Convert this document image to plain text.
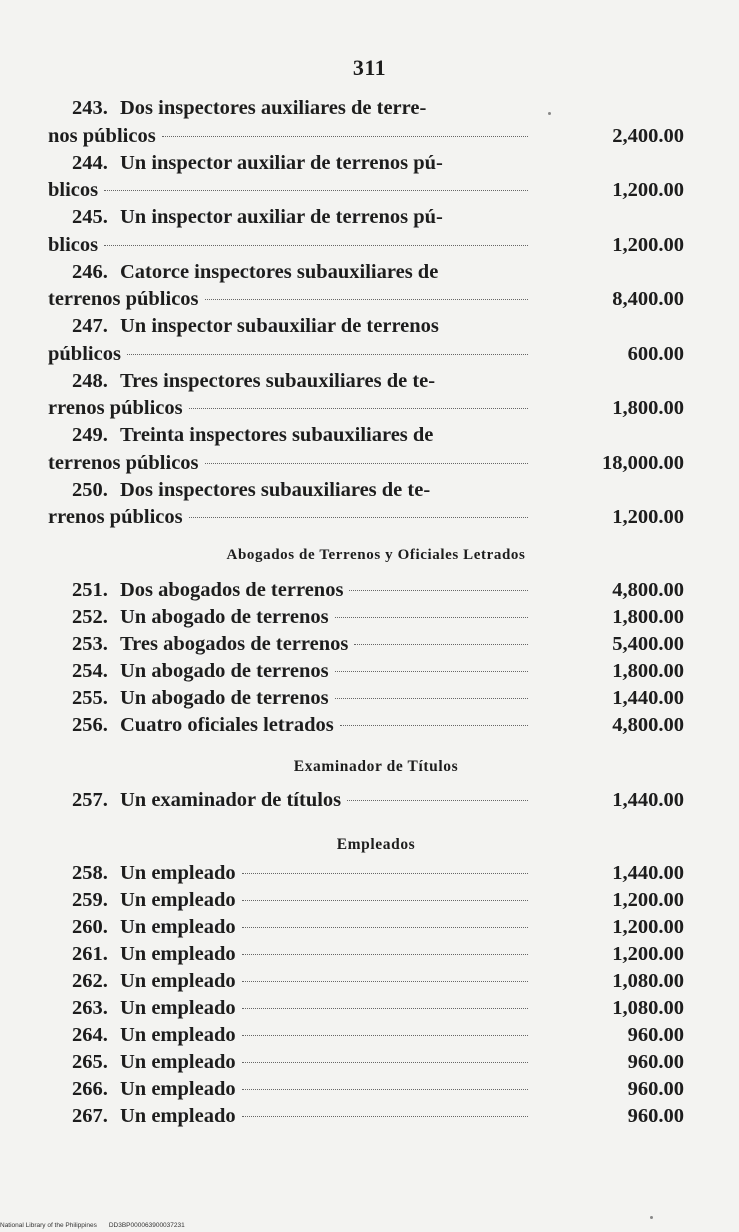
311
243. Dos inspectores auxiliares de terre-
nos públicos	2,400.00
244. Un inspector auxiliar de terrenos pú-
blicos	1,200.00
245. Un inspector auxiliar de terrenos pú-
blicos	1,200.00
246. Catorce inspectores subauxiliares de
terrenos públicos	8,400.00
247. Un inspector subauxiliar de terrenos
públicos	600.00
248. Tres inspectores subauxiliares de te-
rrenos públicos	1,800.00
249. Treinta inspectores subauxiliares de
terrenos públicos	18,000.00
250. Dos inspectores subauxiliares de te-
rrenos públicos	1,200.00
Abogados de Terrenos y Oficiales Letrados
251. Dos abogados de terrenos	4,800.00
252. Un abogado de terrenos	1,800.00
253. Tres abogados de terrenos	5,400.00
254. Un abogado de terrenos	1,800.00
255. Un abogado de terrenos	1,440.00
256. Cuatro oficiales letrados	4,800.00
Examinador de Títulos
257. Un examinador de títulos	1,440.00
Empleados
258. Un empleado	1,440.00
259. Un empleado	1,200.00
260. Un empleado	1,200.00
261. Un empleado	1,200.00
262. Un empleado	1,080.00
263. Un empleado	1,080.00
264. Un empleado	960.00
265. Un empleado	960.00
266. Un empleado	960.00
267. Un empleado	960.00
National Library of the Philippines DD3BP000063900037231
